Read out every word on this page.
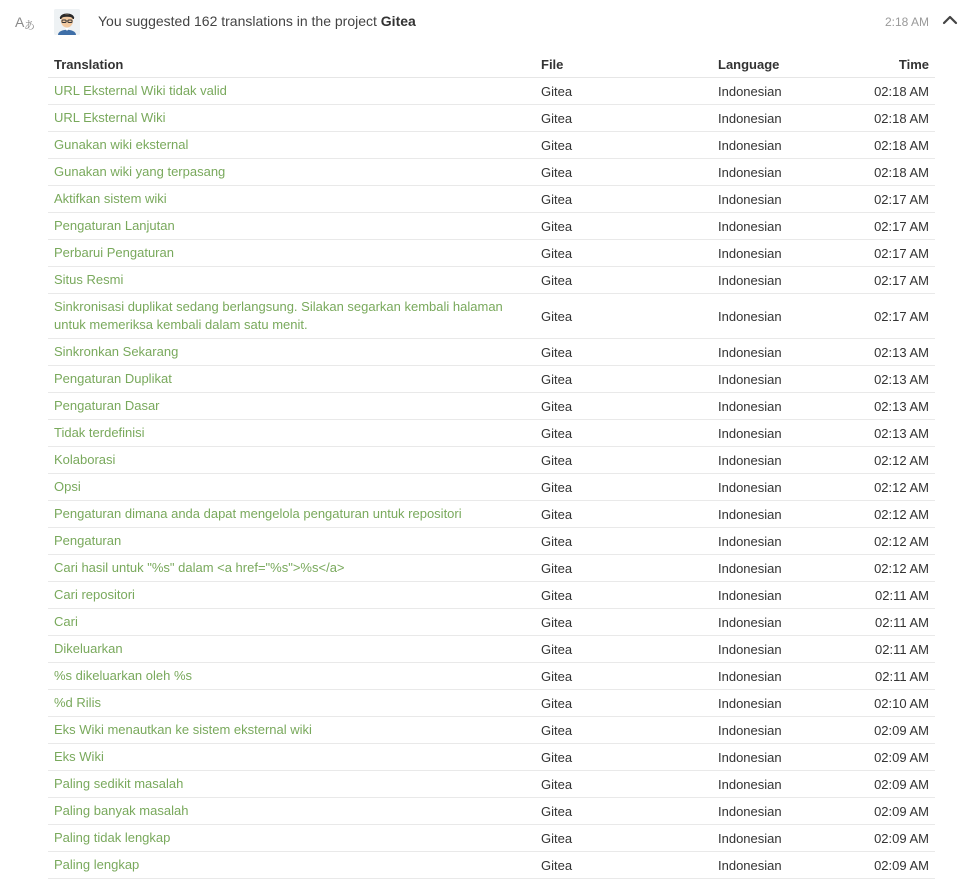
A あ	You suggested 162 translations in the project Gitea	2:18 AM
Translation	File	Language	Time

URL Eksternal Wiki tidak valid	Gitea	Indonesian	02:18 AM

URL Eksternal Wiki	Gitea	Indonesian	02:18 AM

Gunakan wiki eksternal	Gitea	Indonesian	02:18 AM

Gunakan wiki yang terpasang	Gitea	Indonesian	02:18 AM

Aktifkan sistem wiki	Gitea	Indonesian	02:17 AM

Pengaturan Lanjutan	Gitea	Indonesian	02:17 AM

Perbarui Pengaturan	Gitea	Indonesian	02:17 AM

Situs Resmi	Gitea	Indonesian	02:17 AM

Sinkronisasi duplikat sedang berlangsung. Silakan segarkan kembali halaman untuk memeriksa kembali dalam satu menit.	Gitea	Indonesian	02:17 AM

Sinkronkan Sekarang	Gitea	Indonesian	02:13 AM

Pengaturan Duplikat	Gitea	Indonesian	02:13 AM

Pengaturan Dasar	Gitea	Indonesian	02:13 AM

Tidak terdefinisi	Gitea	Indonesian	02:13 AM

Kolaborasi	Gitea	Indonesian	02:12 AM

Opsi	Gitea	Indonesian	02:12 AM

Pengaturan dimana anda dapat mengelola pengaturan untuk repositori	Gitea	Indonesian	02:12 AM

Pengaturan	Gitea	Indonesian	02:12 AM

Cari hasil untuk "%s" dalam <a href="%s">%s</a>	Gitea	Indonesian	02:12 AM

Cari repositori	Gitea	Indonesian	02:11 AM

Cari	Gitea	Indonesian	02:11 AM

Dikeluarkan	Gitea	Indonesian	02:11 AM

%s dikeluarkan oleh %s	Gitea	Indonesian	02:11 AM

%d Rilis	Gitea	Indonesian	02:10 AM

Eks Wiki menautkan ke sistem eksternal wiki	Gitea	Indonesian	02:09 AM

Eks Wiki	Gitea	Indonesian	02:09 AM

Paling sedikit masalah	Gitea	Indonesian	02:09 AM

Paling banyak masalah	Gitea	Indonesian	02:09 AM

Paling tidak lengkap	Gitea	Indonesian	02:09 AM

Paling lengkap	Gitea	Indonesian	02:09 AM
